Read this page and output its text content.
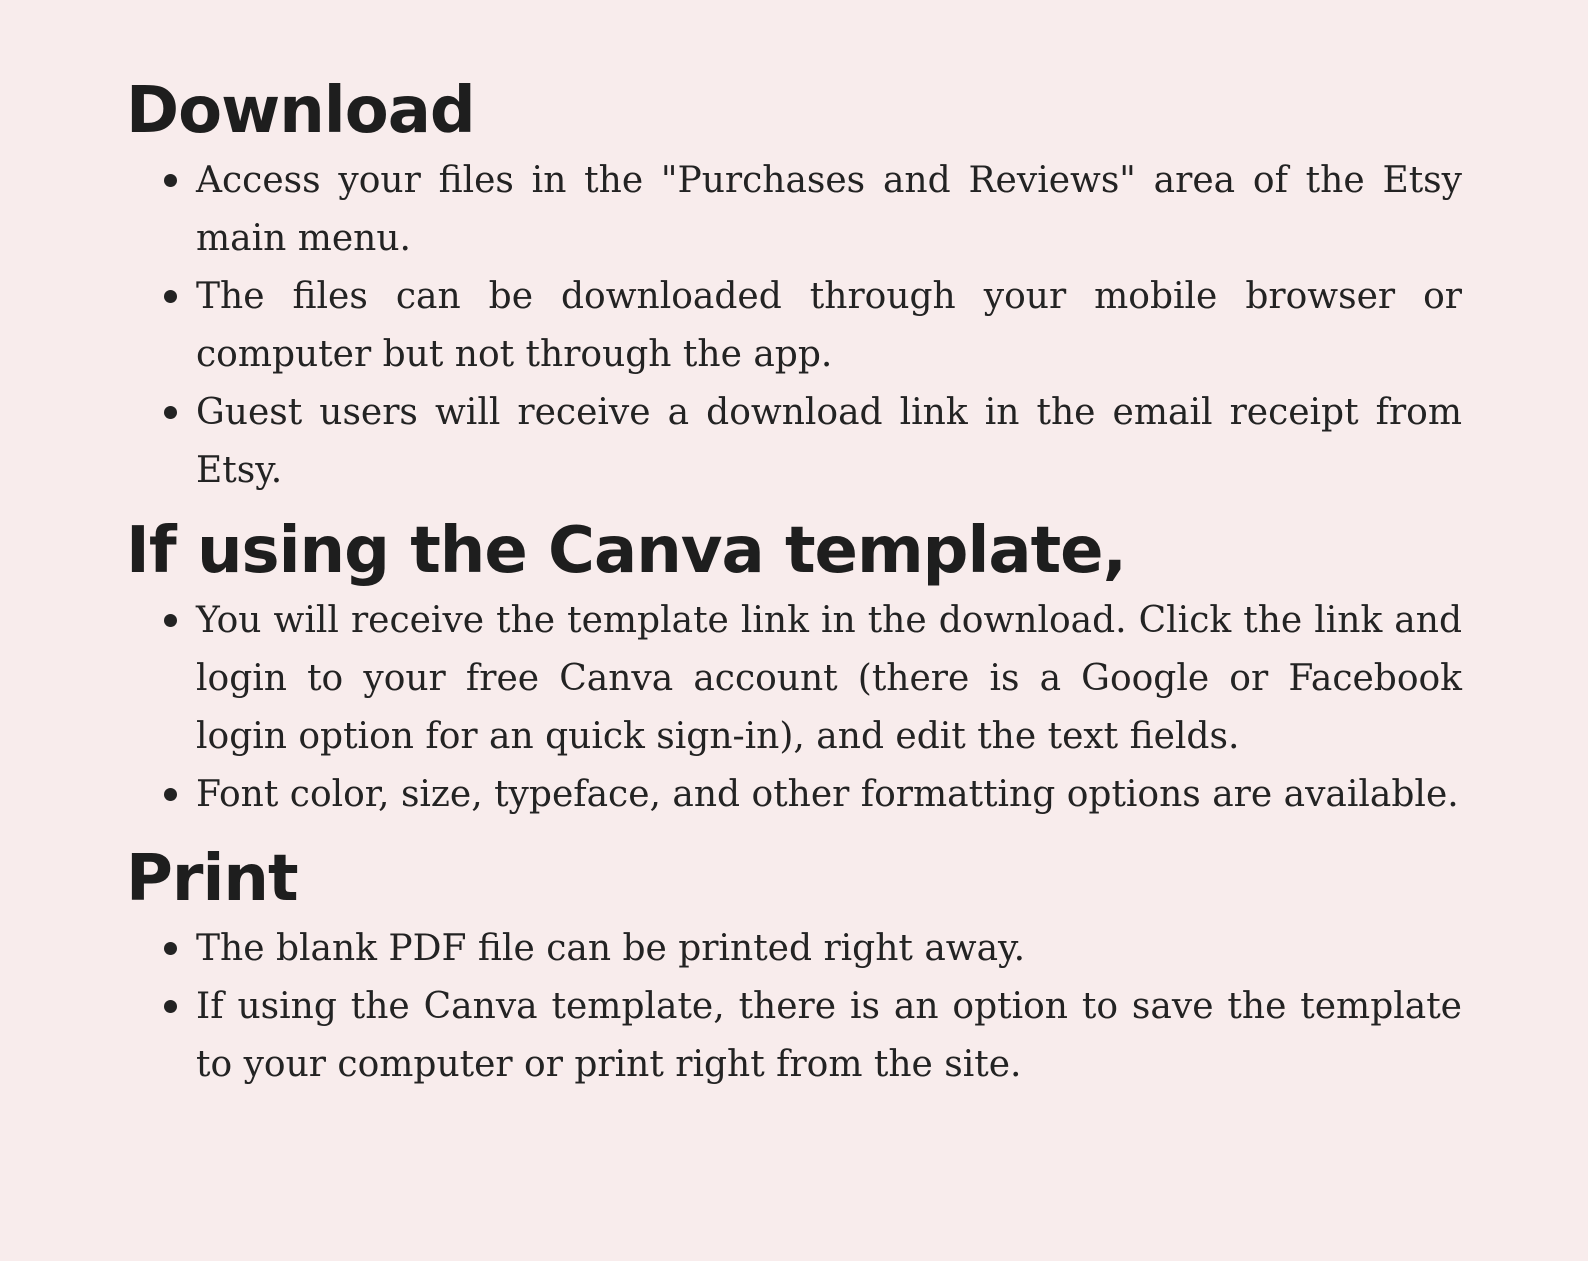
Download
Access your files in the "Purchases and Reviews" area of the Etsy main menu.
The files can be downloaded through your mobile browser or computer but not through the app.
Guest users will receive a download link in the email receipt from Etsy.
If using the Canva template,
You will receive the template link in the download. Click the link and login to your free Canva account (there is a Google or Facebook login option for an quick sign-in), and edit the text fields.
Font color, size, typeface, and other formatting options are available.
Print
The blank PDF file can be printed right away.
If using the Canva template, there is an option to save the template to your computer or print right from the site.
